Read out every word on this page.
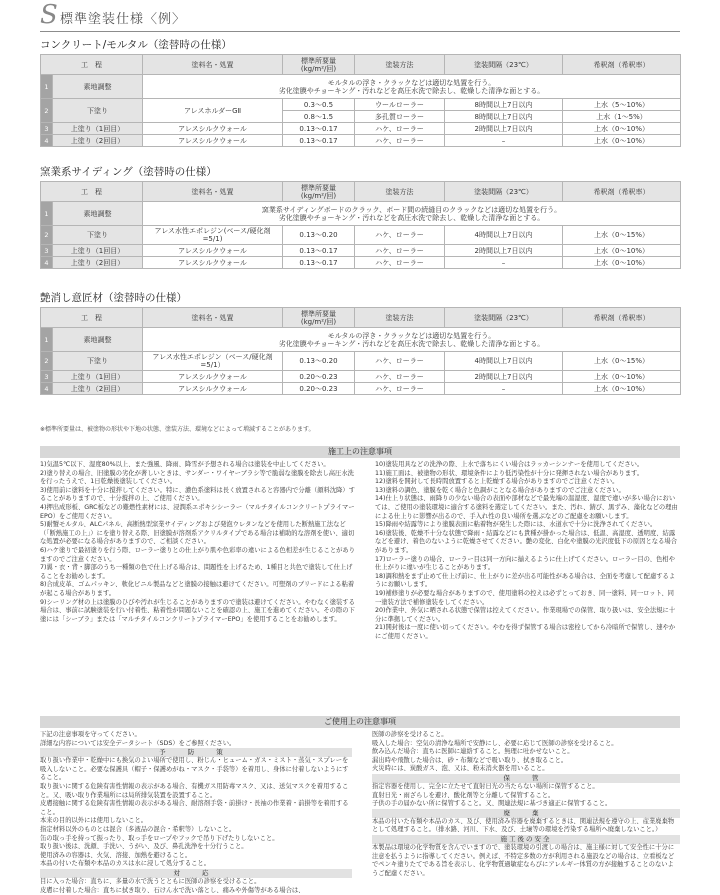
S 標準塗装仕様〈例〉
コンクリート/モルタル（塗替時の仕様）
工　程		塗料名・処置	標準所要量
(kg/m²/回)	塗装方法	塗装間隔（23℃）	希釈剤（希釈率）
1	素地調整	モルタルの浮き・クラックなどは適切な処置を行う。
劣化塗膜やチョーキング・汚れなどを高圧水洗で除去し、乾燥した清浄な面とする。				
2	下塗り	アレスホルダーGⅡ	0.3～0.5	ウールローラー	8時間以上7日以内	上水（5～10%）
			0.8～1.5	多孔質ローラー	8時間以上7日以内	上水（1～5%）
3	上塗り（1回目）	アレスシルクウォール	0.13～0.17	ハケ、ローラー	2時間以上7日以内	上水（0～10%）
4	上塗り（2回目）	アレスシルクウォール	0.13～0.17	ハケ、ローラー	–	上水（0～10%）
窯業系サイディング（塗替時の仕様）
工　程		塗料名・処置	標準所要量
(kg/m²/回)	塗装方法	塗装間隔（23℃）	希釈剤（希釈率）
1	素地調整	窯業系サイディングボードのクラック、ボード間の続縫目のクラックなどは適切な処置を行う。
劣化塗膜やチョーキング・汚れなどを高圧水洗で除去し、乾燥した清浄な面とする。				
2	下塗り	アレス水性エポレジン(ベース/硬化剤=5/1)	0.13～0.20	ハケ、ローラー	4時間以上7日以内	上水（0～15%）
3	上塗り（1回目）	アレスシルクウォール	0.13～0.17	ハケ、ローラー	2時間以上7日以内	上水（0～10%）
4	上塗り（2回目）	アレスシルクウォール	0.13～0.17	ハケ、ローラー	–	上水（0～10%）
艶消し意匠材（塗替時の仕様）
工　程		塗料名・処置	標準所要量
(kg/m²/回)	塗装方法	塗装間隔（23℃）	希釈剤（希釈率）
1	素地調整	モルタルの浮き・クラックなどは適切な処置を行う。
劣化塗膜やチョーキング・汚れなどを高圧水洗で除去し、乾燥した清浄な面とする。				
2	下塗り	アレス水性エポレジン（ベース/硬化剤=5/1）	0.13～0.20	ハケ、ローラー	4時間以上7日以内	上水（0～15%）
3	上塗り（1回目）	アレスシルクウォール	0.20～0.23	ハケ、ローラー	2時間以上7日以内	上水（0～10%）
4	上塗り（2回目）	アレスシルクウォール	0.20～0.23	ハケ、ローラー	–	上水（0～10%）
※標準所要量は、被塗物の形状や下地の状態、塗装方法、環境などによって増減することがあります。
施工上の注意事項

1)気温5℃以下、湿度80%以上、また強風、降雨、降雪が予想される場合は塗装を中止してください。
2)塗り替えの場合、旧塗膜の劣化が著しいときは、サンダー・ワイヤーブラシ等で脆弱な塗膜を除去し高圧水洗を行ったうえで、1日乾燥後塗装してください。
3)使用前に塗料を十分に撹拌してください。特に、濃色系塗料は長く放置されると容器内で分離（顔料沈降）することがありますので、十分撹拌の上、ご使用ください。
4)押出成形板、GRC板などの難燃性素材には、浸潤系エポキシシーラー（マルチタイルコンクリートプライマーEPO）をご使用ください。
5)耐蟹モルタル、ALCパネル、高断熱型窯業サイディングおよび発泡ウレタンなどを使用した断熱施工法など（「断熱施工の上」）にを塗り替える際、旧塗膜が溶剤系アクリルタイプである場合は補助的な溶剤を使い、適切な処置が必要になる場合がありますので、ご相談ください。
6)ハケ塗りで最初塗りを行う際、ローラー塗りとの仕上がり肌や色彩率の違いによる色相差が生じることがありますのでご注意ください。
7)翼・衣・背・脚部のうち一種類の色で仕上げる場合は、問題性を上げるため、1種目と共色で塗装して仕上げることをお勧めします。
8)合成皮革、ゴムパッキン、軟化ビニル製品などと塗膜の接触は避けてください。可塑剤のブリードによる粘着が起こる場合があります。
9)シーリング材の上は塗膜のひびや汚れが生じることがありますので塗装は避けてください。やむなく塗装する場合は、事前に試験塗装を行い付着性、粘着性が問題ないことを確認の上、施工を進めてください。その際の下塗には「シーブラ」または「マルチタイルコンクリートプライマーEPO」を使用することをお勧めします。

10)塗装用具などの洗浄の際、上水で落ちにくい場合はラッカーシンナーを使用してください。
11)施工面は、被塗物の形状、環境条件により低汚染性が十分に発揮されない場合があります。
12)塗料を開封して長時間放置すると上乾燥する場合がありますのでご注意ください。
13)塗料の調色、塗膜を乾く場合と色調がことなる場合がありますのでご注意ください。
14)仕上り状態は、雨降りの少ない場合の表面や部材などで最先端の温湿度、湿度で違いが多い場合においては、ご使用の塗装環境に適合する塗料を選定してください。また、汚れ、錆び、黒ずみ、藻化などの理由による仕上りに影響が出るので、手入れ性の良い場所を選ぶなどのご配慮をお願いします。
15)降雨や結露等により塗膜表面に粘着物が発生した際には、水道水で十分に洗浄されてください。
16)塗装後、乾燥不十分な状態で降雨・結露などにも貴種が掛かった場合は、低温、高湿度、透明度、結露などを避け、着色のないように乾燥させてください。艶の変化、白化や塗膜の光沢度低下の原因となる場合があります。
17)ローラー塗りの場合、ローラー目は同一方向に揃えるように仕上げてください。ローラー目の、色相や仕上がりに違いが生じることがあります。
18)調和熱をまず止めて仕上げ前に、仕上がりに差が出る可能性がある場合は、全面を考慮して配慮するようにお願いします。
19)補修塗りが必要な場合がありますので、使用塗料の控えは必ずとっておき、同一塗料、同一ロット、同一塗装方法で補修塗装をしてください。
20)作業中、外気に晒される状態で保管は控えてください。作業現場での保管、取り扱いは、安全法規に十分に準拠してください。
21)開封後は一度に使い切ってください。やむを得ず保管する場合は密栓してから冷暗所で保管し、速やかにご使用ください。

ご使用上の注意事項

下記の注意事項を守ってください。
詳細な内容については安全データシート（SDS）をご参照ください。

予 防 策

取り扱い作業中・乾燥中にも換気のよい場所で使用し、粉じん・ヒューム・ガス・ミスト・蒸気・スプレーを吸入しないこと。必要な保護具（帽子・保護めがね・マスク・手袋等）を着用し、身体に付着しないようにすること。
取り扱いに関する危険有害性情報の表示がある場合、有機ガス用防毒マスク、又は、送気マスクを着用すること。又、吸い取り作業場所には局所排気装置を設置すること。
皮膚接触に関する危険有害性情報の表示がある場合、耐溶剤手袋・前掛け・長袖の作業着・前掛等を着用すること。
本来の目的以外には使用しないこと。
指定材料以外のものとは混合（多液品の混合・希釈等）しないこと。
缶の取っ手を持って振ったり、取っ手をロープやフックで吊り下げたりしないこと。
取り扱い後は、洗顔、手洗い、うがい、及び、鼻孔洗浄を十分行うこと。
使用済みの容器は、火気、溶接、加熱を避けること。
本品の付いた布類や本品のカスは水に浸して処分すること。

対 応

目に入った場合：直ちに、多量の水で洗うとともに医師の診察を受けること。
皮膚に付着した場合：直ちに拭き取り、石けん水で洗い落とし、痛みや外傷等がある場合は、

医師の診察を受けること。
吸入した場合：空気の清浄な場所で安静にし、必要に応じて医師の診察を受けること。
飲み込んだ場合：直ちに医師に連絡すること。無理に吐かせないこと。
漏出時や飛散した場合は、砂・布類などで吸い取り、拭き取ること。
火災時には、炭酸ガス、泡、又は、粉末消火器を用いること。

保 管

指定容器を使用し、完全に立たせて直射日光の当たらない場所に保管すること。
直射日光・雨ざらしを避け、酸化剤等と分離して保管すること。
子供の手の届かない所に保管すること。又、関連法規に基づき適正に保管すること。

廃 棄

本品の付いた布類や本品のカス、及び、使用済み容器を廃棄するときは、関連法規を遵守の上、産業廃棄物として処理すること。（排水路、河川、下水、及び、土壌等の環境を汚染する場所へ廃棄しないこと。）

施工後の安全

本製品は環境の化学物質を含んでいますので、塗装環境の引渡しの場合は、施主様に対して安全性に十分に注意を払うように指導してください。例えば、不特定多数の方が利用される施設などの場合は、立看板などでペンキ塗りたてである旨を表示し、化学物質過敏症ならびにアレルギー体質の方が接触することのないようご配慮ください。
